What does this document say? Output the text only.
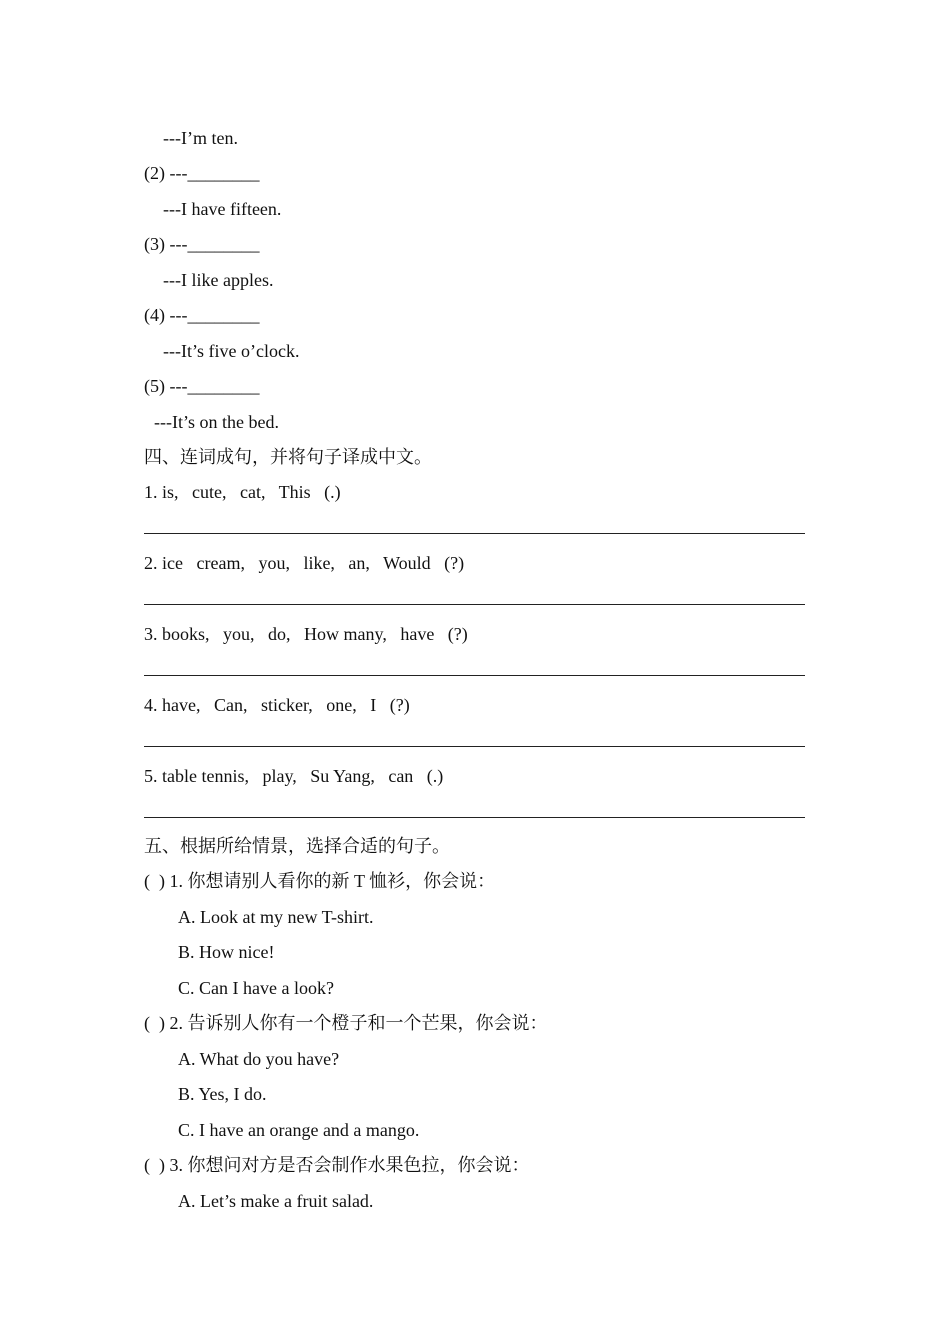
---I’m ten.
(2) ---________
---I have fifteen.
(3) ---________
---I like apples.
(4) ---________
---It’s five o’clock.
(5) ---________
---It’s on the bed.
四、连词成句，并将句子译成中文。
1. is,   cute,   cat,   This   (.)
2. ice   cream,   you,   like,   an,   Would   (?)
3. books,   you,   do,   How many,   have   (?)
4. have,   Can,   sticker,   one,   I   (?)
5. table tennis,   play,   Su Yang,   can   (.)
五、根据所给情景，选择合适的句子。
(  ) 1. 你想请别人看你的新 T 恤衫，你会说：
A. Look at my new T-shirt.
B. How nice!
C. Can I have a look?
(  ) 2. 告诉别人你有一个橙子和一个芒果，你会说：
A. What do you have?
B. Yes, I do.
C. I have an orange and a mango.
(  ) 3. 你想问对方是否会制作水果色拉，你会说：
A. Let’s make a fruit salad.
